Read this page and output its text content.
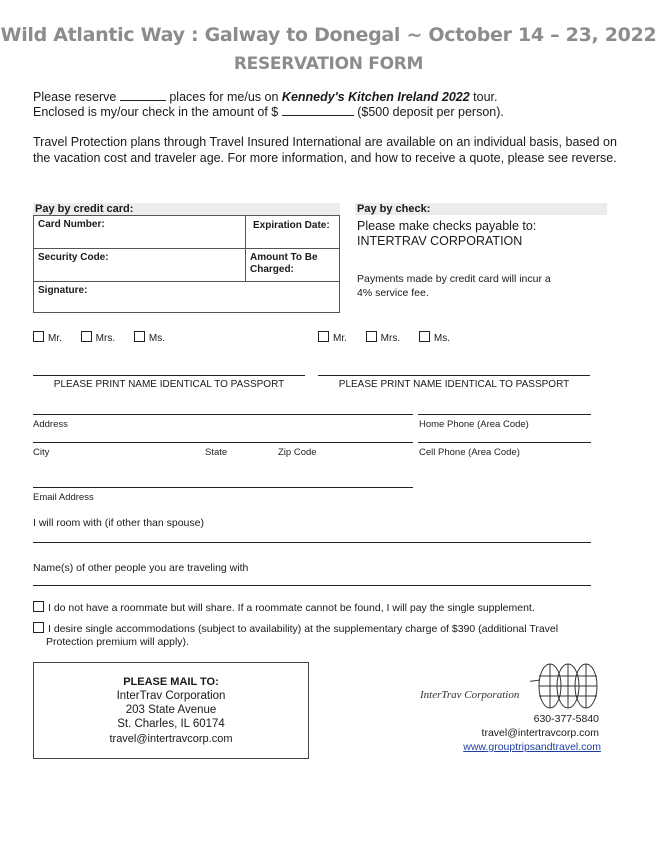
Wild Atlantic Way : Galway to Donegal ~ October 14 – 23, 2022
RESERVATION FORM
Please reserve	places for me/us on Kennedy's Kitchen Ireland 2022 tour.
Enclosed is my/our check in the amount of $	($500 deposit per person).
Travel Protection plans through Travel Insured International are available on an individual basis, based on the vacation cost and traveler age. For more information, and how to receive a quote, please see reverse.
Pay by credit card:
Card Number:	Expiration Date:
Security Code:	Amount To Be Charged:
Signature:
Pay by check:
Please make checks payable to:
INTERTRAV CORPORATION
Payments made by credit card will incur a 4% service fee.
Mr.	Mrs.	Ms.	Mr.	Mrs.	Ms.
PLEASE PRINT NAME IDENTICAL TO PASSPORT	PLEASE PRINT NAME IDENTICAL TO PASSPORT
Address	Home Phone (Area Code)
City	State	Zip Code	Cell Phone (Area Code)
Email Address
I will room with (if other than spouse)
Name(s) of other people you are traveling with
I do not have a roommate but will share. If a roommate cannot be found, I will pay the single supplement.
I desire single accommodations (subject to availability) at the supplementary charge of $390 (additional Travel Protection premium will apply).
PLEASE MAIL TO:
InterTrav Corporation
203 State Avenue
St. Charles, IL 60174
travel@intertravcorp.com
InterTrav Corporation
630-377-5840
travel@intertravcorp.com
www.grouptripsandtravel.com
